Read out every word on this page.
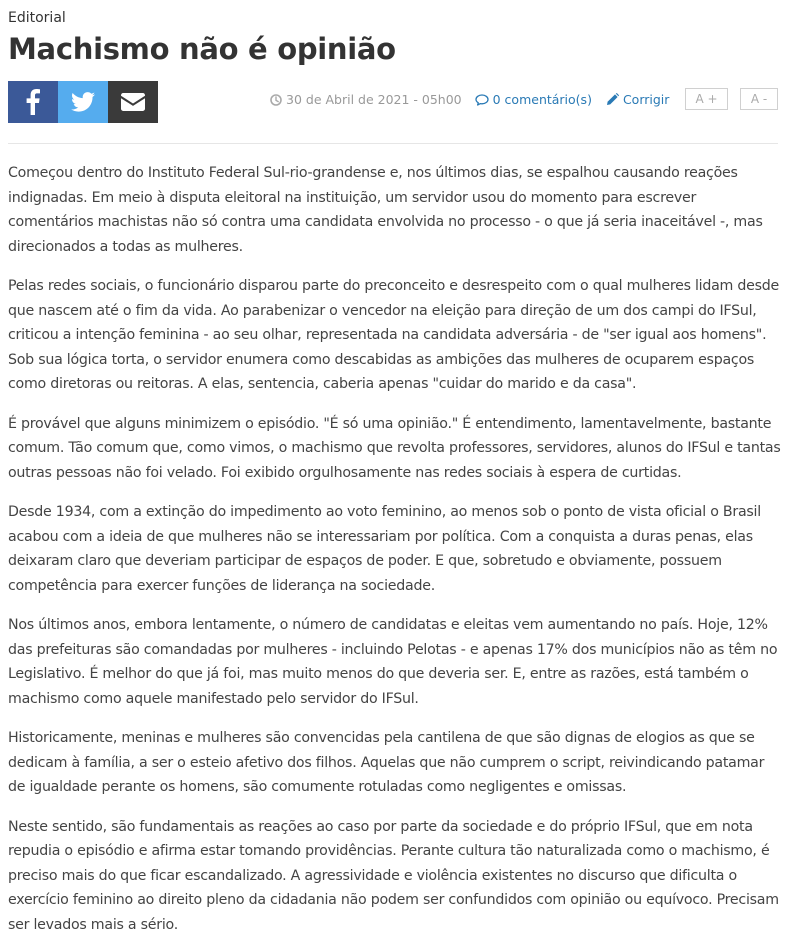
Editorial
Machismo não é opinião
30 de Abril de 2021 - 05h00 0 comentário(s) Corrigir	A +	A -

Começou dentro do Instituto Federal Sul-rio-grandense e, nos últimos dias, se espalhou causando reações indignadas. Em meio à disputa eleitoral na instituição, um servidor usou do momento para escrever comentários machistas não só contra uma candidata envolvida no processo - o que já seria inaceitável -, mas direcionados a todas as mulheres.

Pelas redes sociais, o funcionário disparou parte do preconceito e desrespeito com o qual mulheres lidam desde que nascem até o fim da vida. Ao parabenizar o vencedor na eleição para direção de um dos campi do IFSul, criticou a intenção feminina - ao seu olhar, representada na candidata adversária - de "ser igual aos homens". Sob sua lógica torta, o servidor enumera como descabidas as ambições das mulheres de ocuparem espaços como diretoras ou reitoras. A elas, sentencia, caberia apenas "cuidar do marido e da casa".

É provável que alguns minimizem o episódio. "É só uma opinião." É entendimento, lamentavelmente, bastante comum. Tão comum que, como vimos, o machismo que revolta professores, servidores, alunos do IFSul e tantas outras pessoas não foi velado. Foi exibido orgulhosamente nas redes sociais à espera de curtidas.

Desde 1934, com a extinção do impedimento ao voto feminino, ao menos sob o ponto de vista oficial o Brasil acabou com a ideia de que mulheres não se interessariam por política. Com a conquista a duras penas, elas deixaram claro que deveriam participar de espaços de poder. E que, sobretudo e obviamente, possuem competência para exercer funções de liderança na sociedade.

Nos últimos anos, embora lentamente, o número de candidatas e eleitas vem aumentando no país. Hoje, 12% das prefeituras são comandadas por mulheres - incluindo Pelotas - e apenas 17% dos municípios não as têm no Legislativo. É melhor do que já foi, mas muito menos do que deveria ser. E, entre as razões, está também o machismo como aquele manifestado pelo servidor do IFSul.

Historicamente, meninas e mulheres são convencidas pela cantilena de que são dignas de elogios as que se dedicam à família, a ser o esteio afetivo dos filhos. Aquelas que não cumprem o script, reivindicando patamar de igualdade perante os homens, são comumente rotuladas como negligentes e omissas.

Neste sentido, são fundamentais as reações ao caso por parte da sociedade e do próprio IFSul, que em nota repudia o episódio e afirma estar tomando providências. Perante cultura tão naturalizada como o machismo, é preciso mais do que ficar escandalizado. A agressividade e violência existentes no discurso que dificulta o exercício feminino ao direito pleno da cidadania não podem ser confundidos com opinião ou equívoco. Precisam ser levados mais a sério.
